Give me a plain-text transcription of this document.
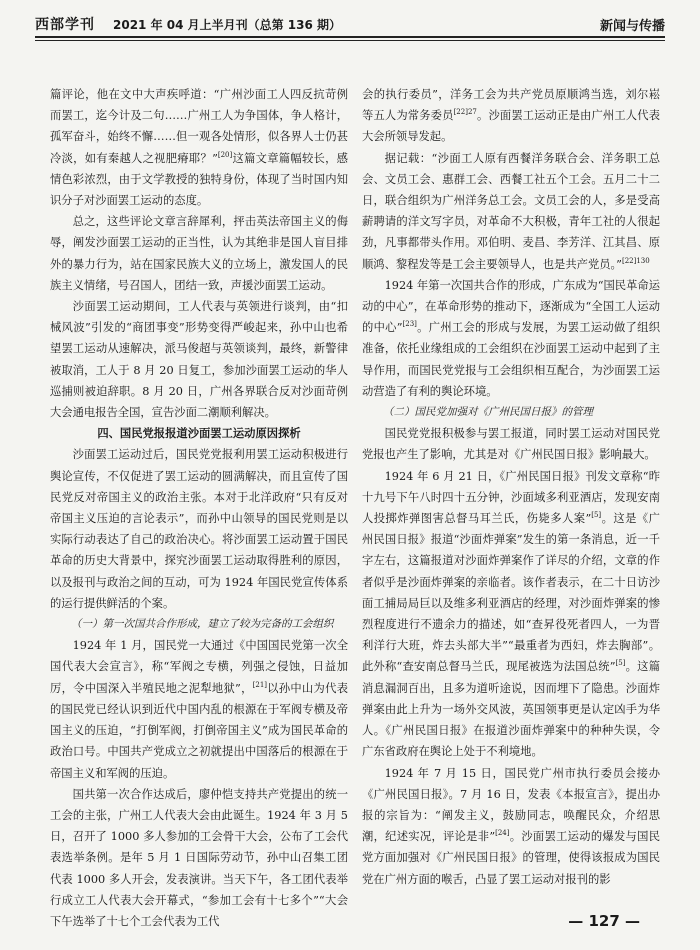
西部学刊 2021 年 04 月上半月刊（总第 136 期）	新闻与传播

篇评论，他在文中大声疾呼道：“广州沙面工人四反抗苛例而罢工，迄今计及二句……广州工人为争国体，争人格计，孤军奋斗，始终不懈……但一观各处情形，似各界人士仍甚冷淡，如有秦越人之视肥瘠耶？”[20]这篇文章篇幅较长，感情色彩浓烈，由于文学教授的独特身份，体现了当时国内知识分子对沙面罢工运动的态度。

总之，这些评论文章言辞犀利，抨击英法帝国主义的侮辱，阐发沙面罢工运动的正当性，认为其绝非是国人盲目排外的暴力行为，站在国家民族大义的立场上，激发国人的民族主义情绪，号召国人，团结一致，声援沙面罢工运动。

沙面罢工运动期间，工人代表与英领进行谈判，由“扣械风波”引发的“商团事变”形势变得严峻起来，孙中山也希望罢工运动从速解决，派马俊超与英领谈判，最终，新警律被取消，工人于 8 月 20 日复工，参加沙面罢工运动的华人巡捕则被迫辞职。8 月 20 日，广州各界联合反对沙面苛例大会通电报告全国，宣告沙面二潮顺利解决。

四、国民党报报道沙面罢工运动原因探析

沙面罢工运动过后，国民党党报利用罢工运动积极进行舆论宣传，不仅促进了罢工运动的圆满解决，而且宣传了国民党反对帝国主义的政治主张。本对于北洋政府“只有反对帝国主义压迫的言论表示”，而孙中山领导的国民党则是以实际行动表达了自己的政治决心。将沙面罢工运动置于国民革命的历史大背景中，探究沙面罢工运动取得胜利的原因，以及报刊与政治之间的互动，可为 1924 年国民党宣传体系的运行提供鲜活的个案。

（一）第一次国共合作形成，建立了较为完备的工会组织

1924 年 1 月，国民党一大通过《中国国民党第一次全国代表大会宣言》，称“军阀之专横，列强之侵蚀，日益加厉，令中国深入半殖民地之泥犁地狱”，[21]以孙中山为代表的国民党已经认识到近代中国内乱的根源在于军阀专横及帝国主义的压迫，“打倒军阀，打倒帝国主义”成为国民革命的政治口号。中国共产党成立之初就提出中国落后的根源在于帝国主义和军阀的压迫。

国共第一次合作达成后，廖仲恺支持共产党提出的统一工会的主张，广州工人代表大会由此诞生。1924 年 3 月 5 日，召开了 1000 多人参加的工会骨干大会，公布了工会代表选举条例。是年 5 月 1 日国际劳动节，孙中山召集工团代表 1000 多人开会，发表演讲。当天下午，各工团代表举行成立工人代表大会开幕式，“参加工会有十七多个”“大会下午选举了十七个工会代表为工代

会的执行委员”，洋务工会为共产党员原顺鸿当选，刘尔崧等五人为常务委员$^{[22]27}$。沙面罢工运动正是由广州工人代表大会所领导发起。

据记载：“沙面工人原有西餐洋务联合会、洋务职工总会、文员工会、惠群工会、西餐工社五个工会。五月二十二日，联合组织为广州洋务总工会。文员工会的人，多是受高薪聘请的洋文写字员，对革命不大积极，青年工社的人很起劲，凡事都带头作用。邓伯明、麦昌、李芳洋、江其昌、原顺鸿、黎程发等是工会主要领导人，也是共产党员。”$^{[22]130}$

1924 年第一次国共合作的形成，广东成为“国民革命运动的中心”，在革命形势的推动下，逐渐成为“全国工人运动的中心”[23]。广州工会的形成与发展，为罢工运动做了组织准备，依托业缘组成的工会组织在沙面罢工运动中起到了主导作用，而国民党党报与工会组织相互配合，为沙面罢工运动营造了有利的舆论环境。

（二）国民党加强对《广州民国日报》的管理

国民党党报积极参与罢工报道，同时罢工运动对国民党党报也产生了影响，尤其是对《广州民国日报》影响最大。

1924 年 6 月 21 日，《广州民国日报》刊发文章称“昨十九号下午八时四十五分钟，沙面域多利亚酒店，发现安南人投掷炸弹图害总督马耳兰氏，伤毙多人案”[5]。这是《广州民国日报》报道“沙面炸弹案”发生的第一条消息，近一千字左右，这篇报道对沙面炸弹案作了详尽的介绍，文章的作者似乎是沙面炸弹案的亲临者。该作者表示，在二十日访沙面工捕局局巨以及维多利亚酒店的经理，对沙面炸弹案的惨烈程度进行不遗余力的描述，如“查昇役死者四人，一为晋利洋行大班，炸去头部大半”“最重者为西妇，炸去胸部”。此外称“查安南总督马兰氏，现尾被选为法国总统”[5]。这篇消息漏洞百出，且多为道听途说，因而埋下了隐患。沙面炸弹案由此上升为一场外交风波，英国领事更是认定凶手为华人。《广州民国日报》在报道沙面炸弹案中的种种失误，令广东省政府在舆论上处于不利境地。

1924 年 7 月 15 日，国民党广州市执行委员会接办《广州民国日报》。7 月 16 日，发表《本报宣言》，提出办报的宗旨为：“阐发主义，鼓励同志，唤醒民众，介绍思潮，纪述实况，评论是非”[24]。沙面罢工运动的爆发与国民党方面加强对《广州民国日报》的管理，使得该报成为国民党在广州方面的喉舌，凸显了罢工运动对报刊的影

— 127 —
